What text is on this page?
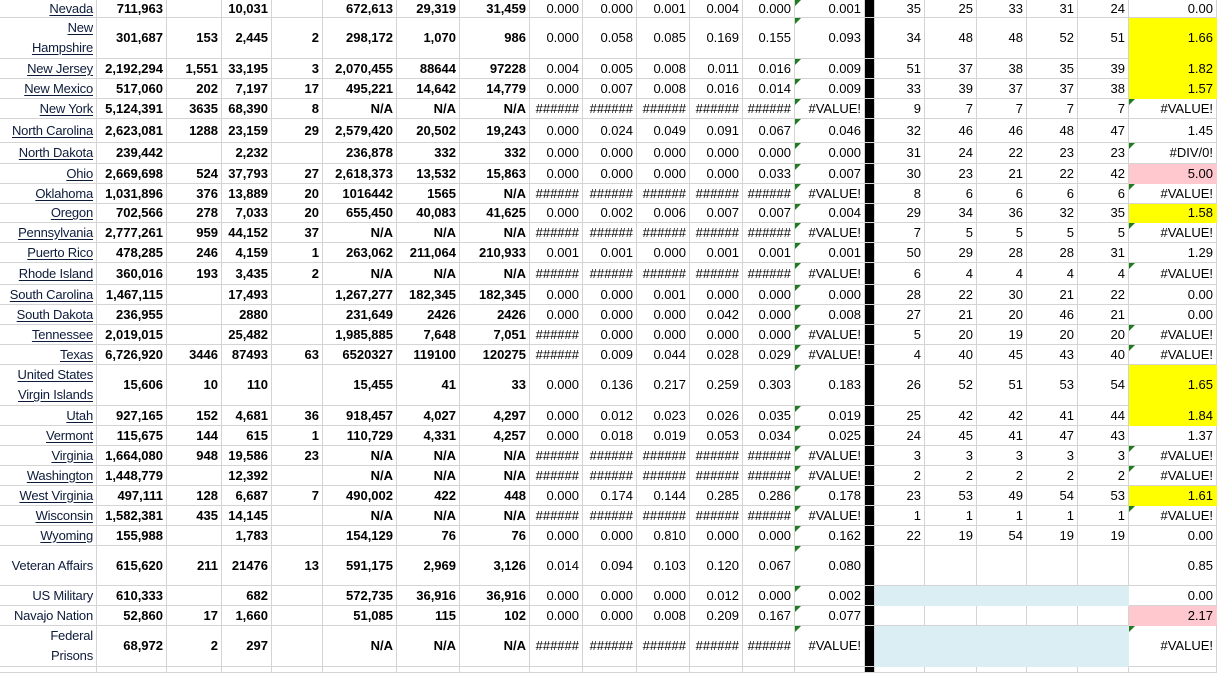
Nevada	711,963		10,031		672,613	29,319	31,459	0.000	0.000	0.001	0.004	0.000	0.001		35	25	33	31	24	0.00
New Hampshire	301,687	153	2,445	2	298,172	1,070	986	0.000	0.058	0.085	0.169	0.155	0.093		34	48	48	52	51	1.66
New Jersey	2,192,294	1,551	33,195	3	2,070,455	88644	97228	0.004	0.005	0.008	0.011	0.016	0.009		51	37	38	35	39	1.82
New Mexico	517,060	202	7,197	17	495,221	14,642	14,779	0.000	0.007	0.008	0.016	0.014	0.009		33	39	37	37	38	1.57
New York	5,124,391	3635	68,390	8	N/A	N/A	N/A	######	######	######	######	######	#VALUE!		9	7	7	7	7	#VALUE!

North Carolina	2,623,081	1288	23,159	29	2,579,420	20,502	19,243	0.000	0.024	0.049	0.091	0.067	0.046		32	46	46	48	47	1.45
North Dakota	239,442		2,232		236,878	332	332	0.000	0.000	0.000	0.000	0.000	0.000		31	24	22	23	23	#DIV/0!

Ohio	2,669,698	524	37,793	27	2,618,373	13,532	15,863	0.000	0.000	0.000	0.000	0.033	0.007		30	23	21	22	42	5.00
Oklahoma	1,031,896	376	13,889	20	1016442	1565	N/A	######	######	######	######	######	#VALUE!		8	6	6	6	6	#VALUE!

Oregon	702,566	278	7,033	20	655,450	40,083	41,625	0.000	0.002	0.006	0.007	0.007	0.004		29	34	36	32	35	1.58
Pennsylvania	2,777,261	959	44,152	37	N/A	N/A	N/A	######	######	######	######	######	#VALUE!		7	5	5	5	5	#VALUE!

Puerto Rico	478,285	246	4,159	1	263,062	211,064	210,933	0.001	0.001	0.000	0.001	0.001	0.001		50	29	28	28	31	1.29
Rhode Island	360,016	193	3,435	2	N/A	N/A	N/A	######	######	######	######	######	#VALUE!		6	4	4	4	4	#VALUE!

South Carolina	1,467,115		17,493		1,267,277	182,345	182,345	0.000	0.000	0.001	0.000	0.000	0.000		28	22	30	21	22	0.00
South Dakota	236,955		2880		231,649	2426	2426	0.000	0.000	0.000	0.042	0.000	0.008		27	21	20	46	21	0.00
Tennessee	2,019,015		25,482		1,985,885	7,648	7,051	######	0.000	0.000	0.000	0.000	#VALUE!		5	20	19	20	20	#VALUE!

Texas	6,726,920	3446	87493	63	6520327	119100	120275	######	0.009	0.044	0.028	0.029	#VALUE!		4	40	45	43	40	#VALUE!

United States Virgin Islands	15,606	10	110		15,455	41	33	0.000	0.136	0.217	0.259	0.303	0.183		26	52	51	53	54	1.65
Utah	927,165	152	4,681	36	918,457	4,027	4,297	0.000	0.012	0.023	0.026	0.035	0.019		25	42	42	41	44	1.84
Vermont	115,675	144	615	1	110,729	4,331	4,257	0.000	0.018	0.019	0.053	0.034	0.025		24	45	41	47	43	1.37
Virginia	1,664,080	948	19,586	23	N/A	N/A	N/A	######	######	######	######	######	#VALUE!		3	3	3	3	3	#VALUE!

Washington	1,448,779		12,392		N/A	N/A	N/A	######	######	######	######	######	#VALUE!		2	2	2	2	2	#VALUE!

West Virginia	497,111	128	6,687	7	490,002	422	448	0.000	0.174	0.144	0.285	0.286	0.178		23	53	49	54	53	1.61
Wisconsin	1,582,381	435	14,145		N/A	N/A	N/A	######	######	######	######	######	#VALUE!		1	1	1	1	1	#VALUE!

Wyoming	155,988		1,783		154,129	76	76	0.000	0.000	0.810	0.000	0.000	0.162		22	19	54	19	19	0.00
Veteran Affairs	615,620	211	21476	13	591,175	2,969	3,126	0.014	0.094	0.103	0.120	0.067	0.080							0.85
US Military	610,333		682		572,735	36,916	36,916	0.000	0.000	0.000	0.012	0.000	0.002							0.00
Navajo Nation	52,860	17	1,660		51,085	115	102	0.000	0.000	0.008	0.209	0.167	0.077							2.17
Federal Prisons	68,972	2	297		N/A	N/A	N/A	######	######	######	######	######	#VALUE!							#VALUE!
